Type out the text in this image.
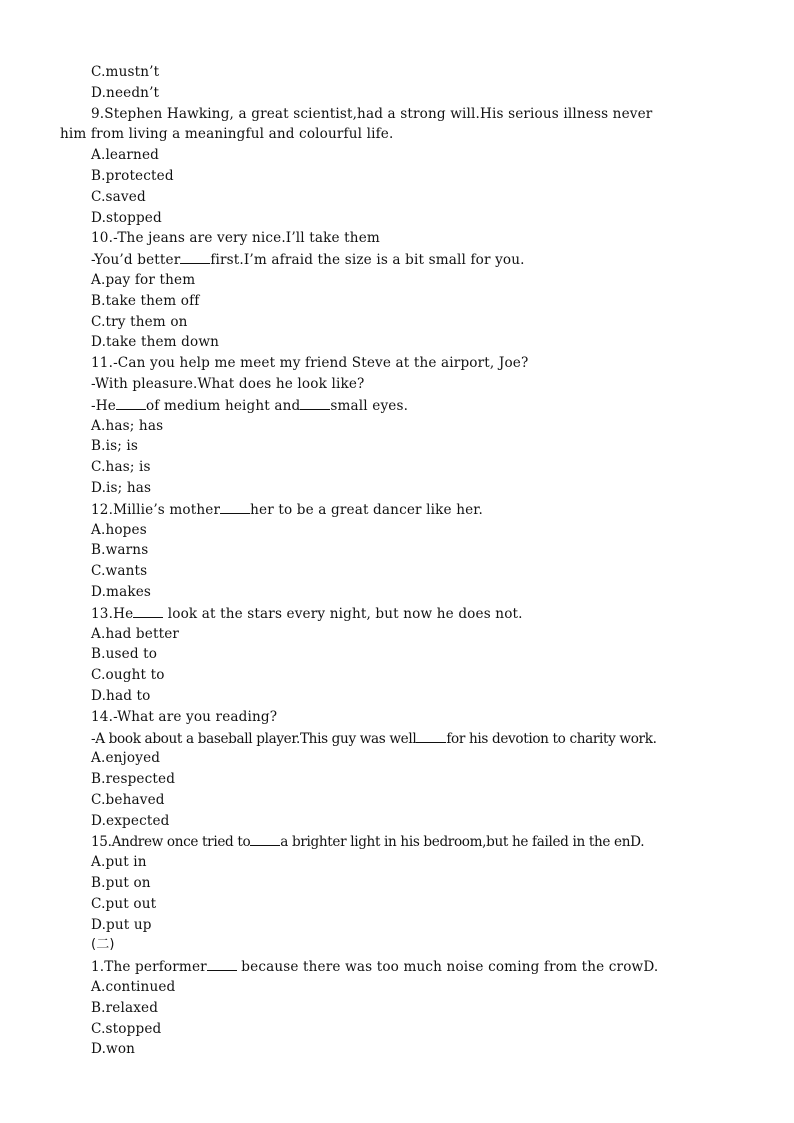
C.mustn’t
D.needn’t
9.Stephen Hawking, a great scientist,had a strong will.His serious illness never
him from living a meaningful and colourful life.
A.learned
B.protected
C.saved
D.stopped
10.-The jeans are very nice.I’ll take them
-You’d better first.I’m afraid the size is a bit small for you.
A.pay for them
B.take them off
C.try them on
D.take them down
11.-Can you help me meet my friend Steve at the airport, Joe?
-With pleasure.What does he look like?
-He of medium height and small eyes.
A.has; has
B.is; is
C.has; is
D.is; has
12.Millie’s mother her to be a great dancer like her.
A.hopes
B.warns
C.wants
D.makes
13.He look at the stars every night, but now he does not.
A.had better
B.used to
C.ought to
D.had to
14.-What are you reading?
-A book about a baseball player.This guy was well for his devotion to charity work.
A.enjoyed
B.respected
C.behaved
D.expected
15.Andrew once tried to a brighter light in his bedroom,but he failed in the enD.
A.put in
B.put on
C.put out
D.put up
(二)
1.The performer because there was too much noise coming from the crowD.
A.continued
B.relaxed
C.stopped
D.won
